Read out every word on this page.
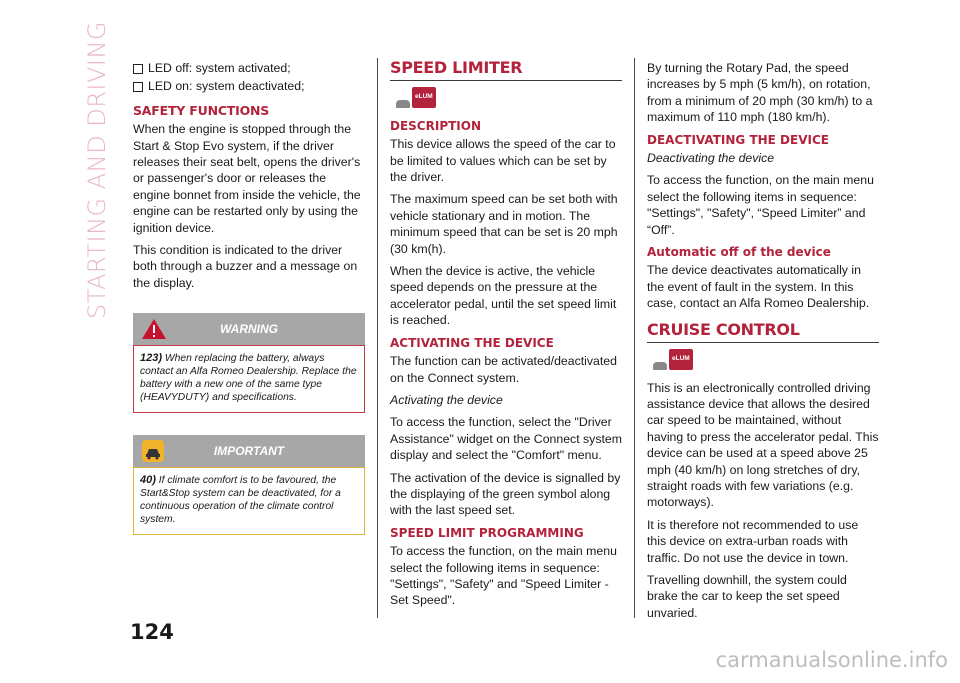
STARTING AND DRIVING	LED off: system activated;
LED on: system deactivated;
SAFETY FUNCTIONS

When the engine is stopped through the Start & Stop Evo system, if the driver releases their seat belt, opens the driver's or passenger's door or releases the engine bonnet from inside the vehicle, the engine can be restarted only by using the ignition device.

This condition is indicated to the driver both through a buzzer and a message on the display.

WARNING
123) When replacing the battery, always contact an Alfa Romeo Dealership. Replace the battery with a new one of the same type (HEAVYDUTY) and specifications.
IMPORTANT
40) If climate comfort is to be favoured, the Start&Stop system can be deactivated, for a continuous operation of the climate control system.
SPEED LIMITER
eLUM
DESCRIPTION

This device allows the speed of the car to be limited to values which can be set by the driver.

The maximum speed can be set both with vehicle stationary and in motion. The minimum speed that can be set is 20 mph (30 km(h).

When the device is active, the vehicle speed depends on the pressure at the accelerator pedal, until the set speed limit is reached.

ACTIVATING THE DEVICE

The function can be activated/deactivated on the Connect system.

Activating the device

To access the function, select the "Driver Assistance" widget on the Connect system display and select the "Comfort" menu.

The activation of the device is signalled by the displaying of the green symbol along with the last speed set.

SPEED LIMIT PROGRAMMING

To access the function, on the main menu select the following items in sequence: "Settings", "Safety" and "Speed Limiter - Set Speed".

By turning the Rotary Pad, the speed increases by 5 mph (5 km/h), on rotation, from a minimum of 20 mph (30 km/h) to a maximum of 110 mph (180 km/h).

DEACTIVATING THE DEVICE

Deactivating the device

To access the function, on the main menu select the following items in sequence: "Settings", "Safety", “Speed Limiter” and “Off”.

Automatic off of the device

The device deactivates automatically in the event of fault in the system. In this case, contact an Alfa Romeo Dealership.

CRUISE CONTROL
eLUM

This is an electronically controlled driving assistance device that allows the desired car speed to be maintained, without having to press the accelerator pedal. This device can be used at a speed above 25 mph (40 km/h) on long stretches of dry, straight roads with few variations (e.g. motorways).

It is therefore not recommended to use this device on extra-urban roads with traffic. Do not use the device in town.

Travelling downhill, the system could brake the car to keep the set speed unvaried.

124
carmanualsonline.info
